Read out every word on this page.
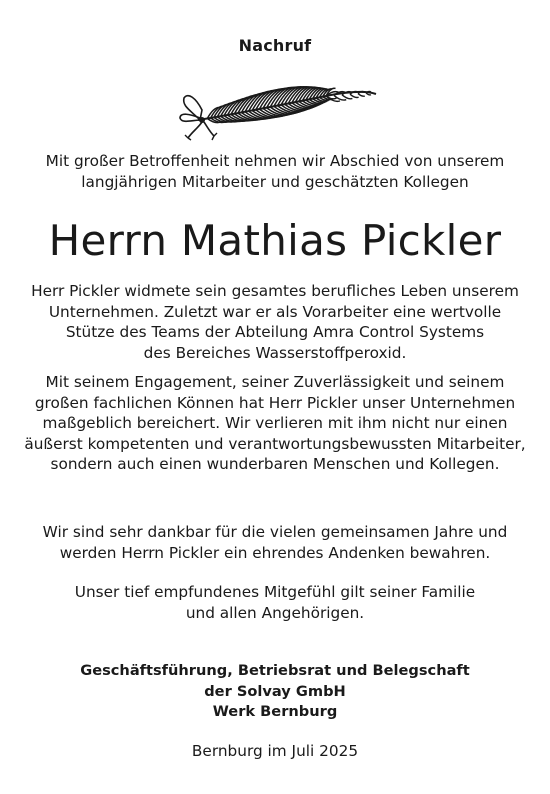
Nachruf
Mit großer Betroffenheit nehmen wir Abschied von unserem
langjährigen Mitarbeiter und geschätzten Kollegen
Herrn Mathias Pickler
Herr Pickler widmete sein gesamtes berufliches Leben unserem
Unternehmen. Zuletzt war er als Vorarbeiter eine wertvolle
Stütze des Teams der Abteilung Amra Control Systems
des Bereiches Wasserstoffperoxid.
Mit seinem Engagement, seiner Zuverlässigkeit und seinem
großen fachlichen Können hat Herr Pickler unser Unternehmen
maßgeblich bereichert. Wir verlieren mit ihm nicht nur einen
äußerst kompetenten und verantwortungsbewussten Mitarbeiter,
sondern auch einen wunderbaren Menschen und Kollegen.
Wir sind sehr dankbar für die vielen gemeinsamen Jahre und
werden Herrn Pickler ein ehrendes Andenken bewahren.
Unser tief empfundenes Mitgefühl gilt seiner Familie
und allen Angehörigen.
Geschäftsführung, Betriebsrat und Belegschaft
der Solvay GmbH
Werk Bernburg
Bernburg im Juli 2025
